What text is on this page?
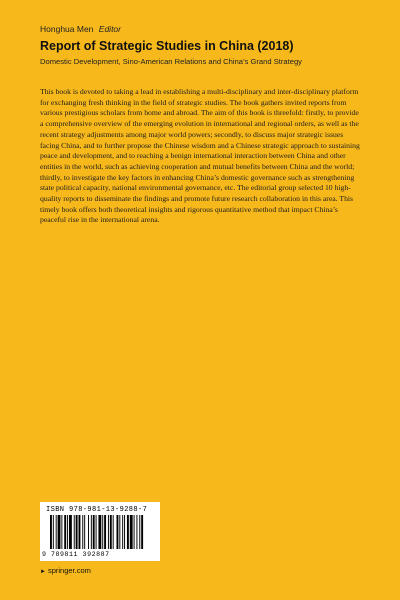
Honghua Men Editor
Report of Strategic Studies in China (2018)
Domestic Development, Sino-American Relations and China’s Grand Strategy

This book is devoted to taking a lead in establishing a multi-disciplinary and inter-disciplinary platform for exchanging fresh thinking in the field of strategic studies. The book gathers invited reports from various prestigious scholars from home and abroad. The aim of this book is threefold: firstly, to provide a comprehensive overview of the emerging evolution in international and regional orders, as well as the recent strategy adjustments among major world powers; secondly, to discuss major strategic issues facing China, and to further propose the Chinese wisdom and a Chinese strategic approach to sustaining peace and development, and to reaching a benign international interaction between China and other entities in the world, such as achieving cooperation and mutual benefits between China and the world; thirdly, to investigate the key factors in enhancing China’s domestic governance such as strengthening state political capacity, national environmental governance, etc. The editorial group selected 10 high-quality reports to disseminate the findings and promote future research collaboration in this area. This timely book offers both theoretical insights and rigorous quantitative method that impact China’s peaceful rise in the international arena.

ISBN 978-981-13-9288-7
9 789811 392887
► springer.com
